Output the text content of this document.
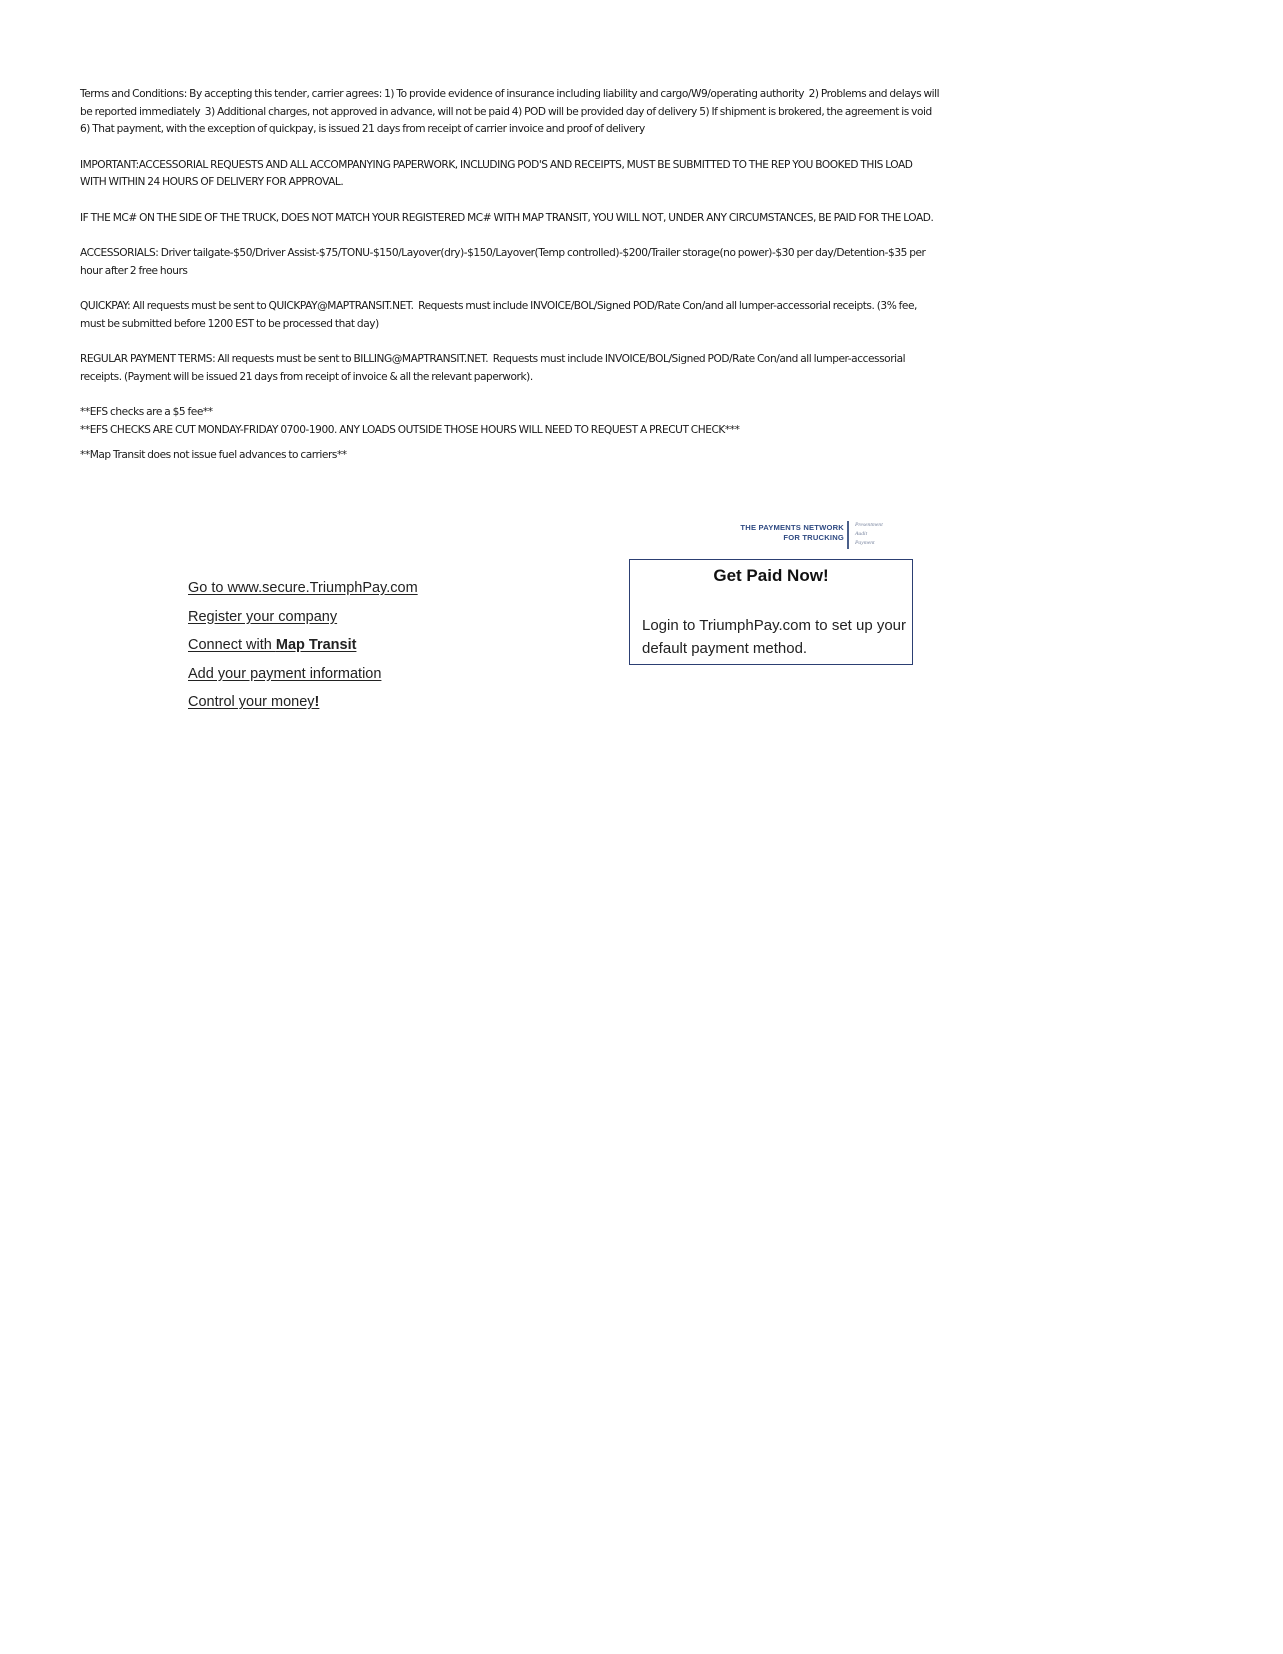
Terms and Conditions: By accepting this tender, carrier agrees: 1) To provide evidence of insurance including liability and cargo/W9/operating authority  2) Problems and delays will be reported immediately  3) Additional charges, not approved in advance, will not be paid 4) POD will be provided day of delivery 5) If shipment is brokered, the agreement is void 6) That payment, with the exception of quickpay, is issued 21 days from receipt of carrier invoice and proof of delivery

IMPORTANT:ACCESSORIAL REQUESTS AND ALL ACCOMPANYING PAPERWORK, INCLUDING POD'S AND RECEIPTS, MUST BE SUBMITTED TO THE REP YOU BOOKED THIS LOAD WITH WITHIN 24 HOURS OF DELIVERY FOR APPROVAL.

IF THE MC# ON THE SIDE OF THE TRUCK, DOES NOT MATCH YOUR REGISTERED MC# WITH MAP TRANSIT, YOU WILL NOT, UNDER ANY CIRCUMSTANCES, BE PAID FOR THE LOAD.

ACCESSORIALS: Driver tailgate-$50/Driver Assist-$75/TONU-$150/Layover(dry)-$150/Layover(Temp controlled)-$200/Trailer storage(no power)-$30 per day/Detention-$35 per hour after 2 free hours

QUICKPAY: All requests must be sent to QUICKPAY@MAPTRANSIT.NET.  Requests must include INVOICE/BOL/Signed POD/Rate Con/and all lumper-accessorial receipts. (3% fee, must be submitted before 1200 EST to be processed that day)

REGULAR PAYMENT TERMS: All requests must be sent to BILLING@MAPTRANSIT.NET.  Requests must include INVOICE/BOL/Signed POD/Rate Con/and all lumper-accessorial receipts. (Payment will be issued 21 days from receipt of invoice & all the relevant paperwork).

**EFS checks are a $5 fee**

**EFS CHECKS ARE CUT MONDAY-FRIDAY 0700-1900. ANY LOADS OUTSIDE THOSE HOURS WILL NEED TO REQUEST A PRECUT CHECK***

**Map Transit does not issue fuel advances to carriers**

THE PAYMENTS NETWORK
FOR TRUCKING
Presentment
Audit
Payment
Go to www.secure.TriumphPay.com
Register your company
Connect with Map Transit
Add your payment information
Control your money!
Get Paid Now!
Login to TriumphPay.com to set up your default payment method.
